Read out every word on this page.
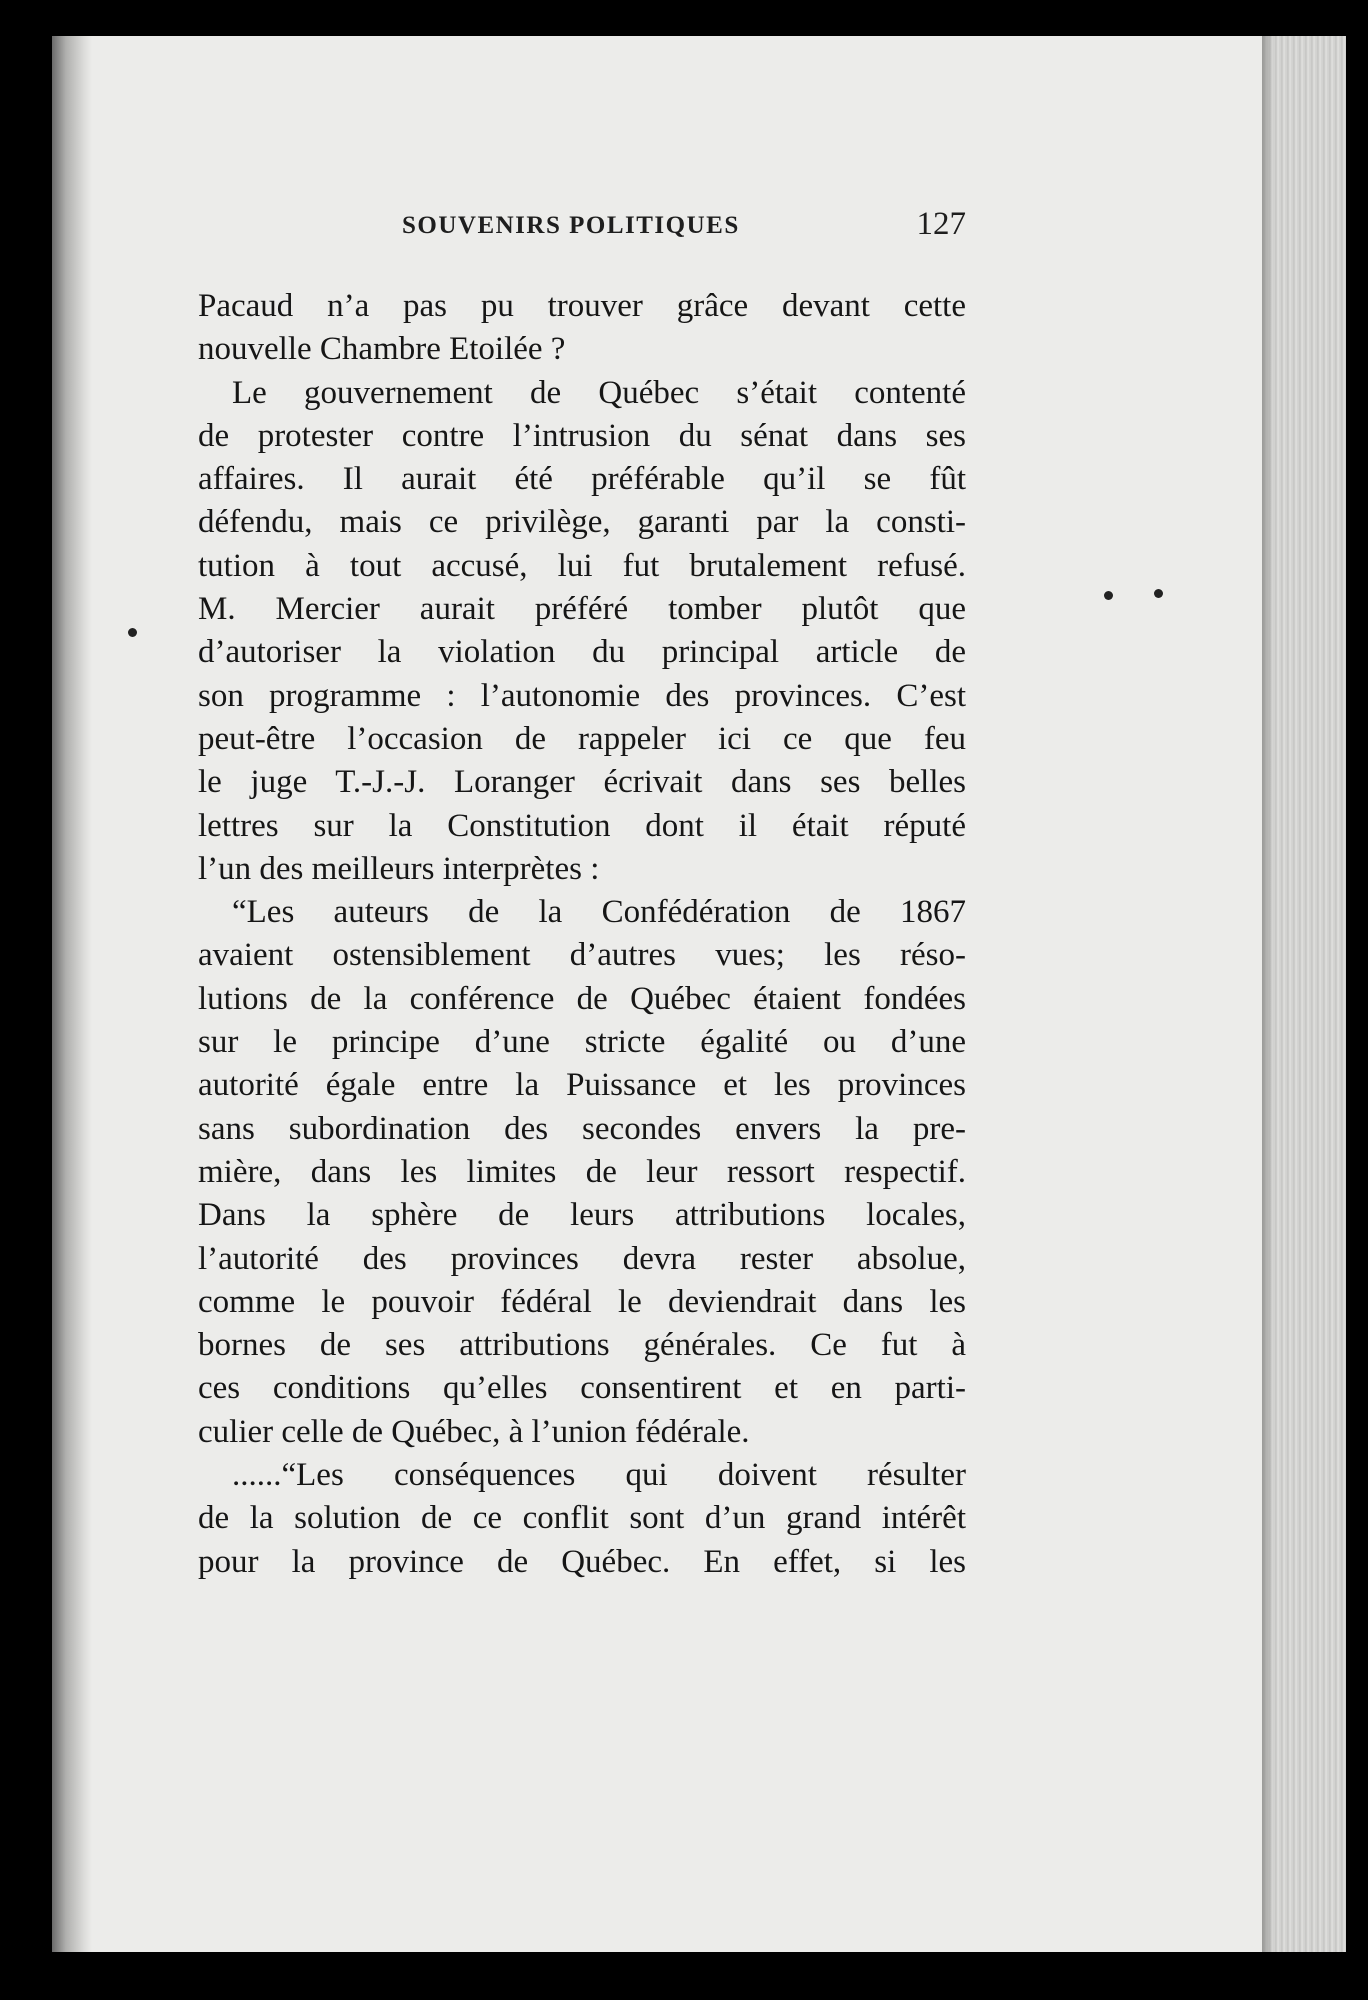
SOUVENIRS POLITIQUES	127
Pacaud n’a pas pu trouver grâce devant cette
nouvelle Chambre Etoilée ?
Le gouvernement de Québec s’était contenté
de protester contre l’intrusion du sénat dans ses
affaires. Il aurait été préférable qu’il se fût
défendu, mais ce privilège, garanti par la consti-
tution à tout accusé, lui fut brutalement refusé.
M. Mercier aurait préféré tomber plutôt que
d’autoriser la violation du principal article de
son programme : l’autonomie des provinces. C’est
peut-être l’occasion de rappeler ici ce que feu
le juge T.-J.-J. Loranger écrivait dans ses belles
lettres sur la Constitution dont il était réputé
l’un des meilleurs interprètes :
“Les auteurs de la Confédération de 1867
avaient ostensiblement d’autres vues; les réso-
lutions de la conférence de Québec étaient fondées
sur le principe d’une stricte égalité ou d’une
autorité égale entre la Puissance et les provinces
sans subordination des secondes envers la pre-
mière, dans les limites de leur ressort respectif.
Dans la sphère de leurs attributions locales,
l’autorité des provinces devra rester absolue,
comme le pouvoir fédéral le deviendrait dans les
bornes de ses attributions générales. Ce fut à
ces conditions qu’elles consentirent et en parti-
culier celle de Québec, à l’union fédérale.
......“Les conséquences qui doivent résulter
de la solution de ce conflit sont d’un grand intérêt
pour la province de Québec. En effet, si les
